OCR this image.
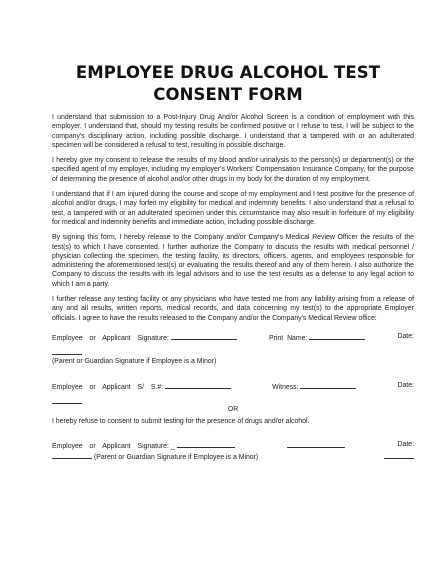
EMPLOYEE DRUG ALCOHOL TEST CONSENT FORM

I understand that submission to a Post-Injury Drug And/or Alcohol Screen is a condition of employment with this employer. I understand that, should my testing results be confirmed positive or I refuse to test, I will be subject to the company's disciplinary action, including possible discharge. I understand that a tampered with or an adulterated specimen will be considered a refusal to test, resulting in possible discharge.

I hereby give my consent to release the results of my blood and/or urinalysis to the person(s) or department(s) or the specified agent of my employer, including my employer's Workers' Compensation Insurance Company, for the purpose of determining the presence of alcohol and/or other drugs in my body for the duration of my employment.

I understand that if I am injured during the course and scope of my employment and I test positive for the presence of alcohol and/or drugs, I may forfeit my eligibility for medical and indemnity benefits. I also understand that a refusal to test, a tampered with or an adulterated specimen under this circumstance may also result in forfeiture of my eligibility for medical and indemnity benefits and immediate action, including possible discharge.

By signing this form, I hereby release to the Company and/or Company's Medical Review Officer the results of the test(s) to which I have consented. I further authorize the Company to discuss the results with medical personnel / physician collecting the specimen, the testing facility, its directors, officers, agents, and employees responsible for administering the aforementioned test(s) or evaluating the results thereof and any of them herein. I also authorize the Company to discuss the results with its legal advisors and to use the test results as a defense to any legal action to which I am a party.

I further release any testing facility or any physicians who have tested me from any liability arising from a release of any and all results, written reports, medical records, and data concerning my test(s) to the appropriate Employer officials. I agree to have the results released to the Company and/or the Company's Medical Review office:

Employee or Applicant Signature:	Print Name:	Date:

(Parent or Guardian Signature if Employee is a Minor)

Employee or Applicant S/ S.#:	Witness:	Date:

OR

I hereby refuse to consent to submit testing for the presence of drugs and/or alcohol.

Employee or Applicant Signature: _	Date:
(Parent or Guardian Signature if Employee is a Minor)
